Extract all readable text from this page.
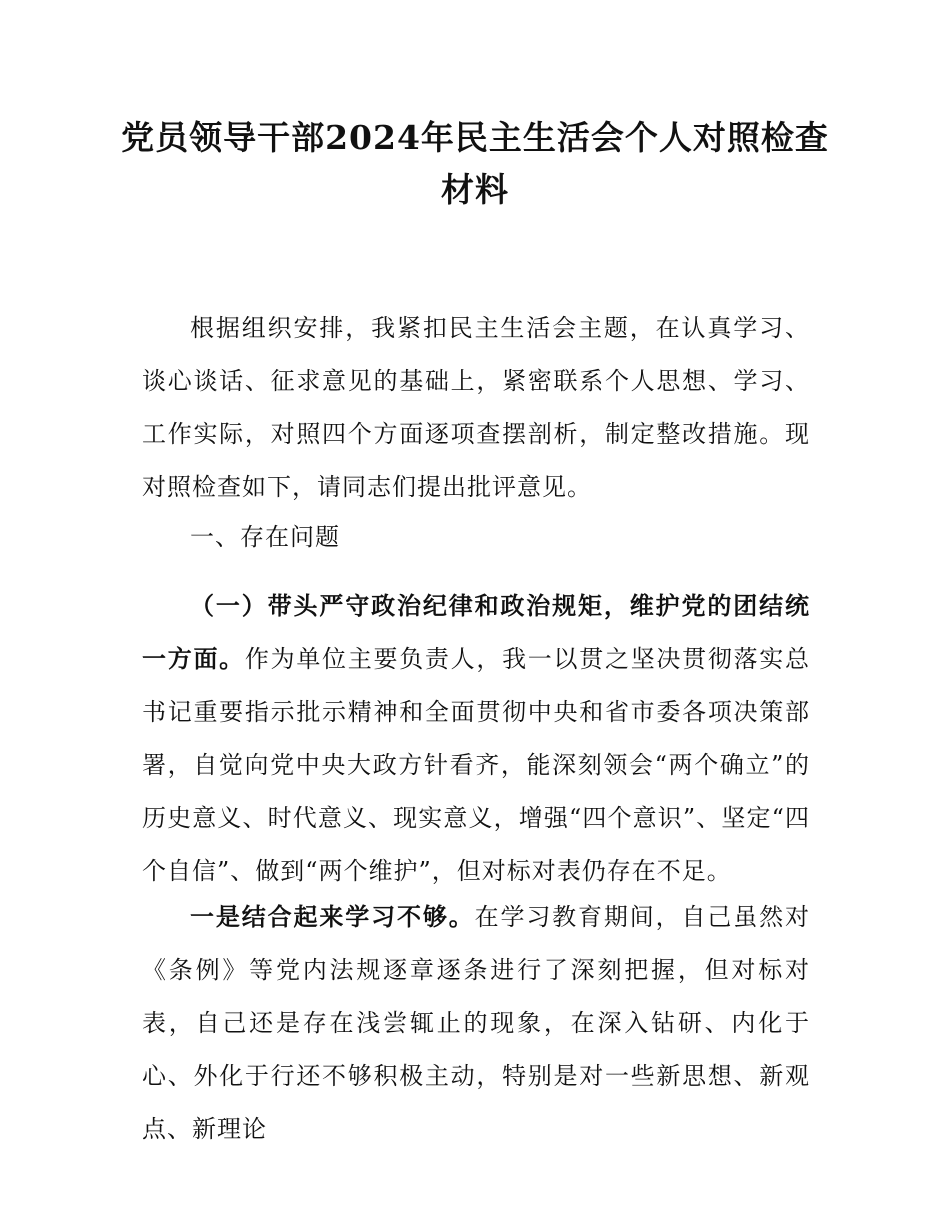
党员领导干部2024年民主生活会个人对照检查材料

根据组织安排，我紧扣民主生活会主题，在认真学习、谈心谈话、征求意见的基础上，紧密联系个人思想、学习、工作实际，对照四个方面逐项查摆剖析，制定整改措施。现对照检查如下，请同志们提出批评意见。

一、存在问题

（一）带头严守政治纪律和政治规矩，维护党的团结统一方面。作为单位主要负责人，我一以贯之坚决贯彻落实总书记重要指示批示精神和全面贯彻中央和省市委各项决策部署，自觉向党中央大政方针看齐，能深刻领会“两个确立”的历史意义、时代意义、现实意义，增强“四个意识”、坚定“四个自信”、做到“两个维护”，但对标对表仍存在不足。

一是结合起来学习不够。在学习教育期间，自己虽然对《条例》等党内法规逐章逐条进行了深刻把握，但对标对表，自己还是存在浅尝辄止的现象，在深入钻研、内化于心、外化于行还不够积极主动，特别是对一些新思想、新观点、新理论
